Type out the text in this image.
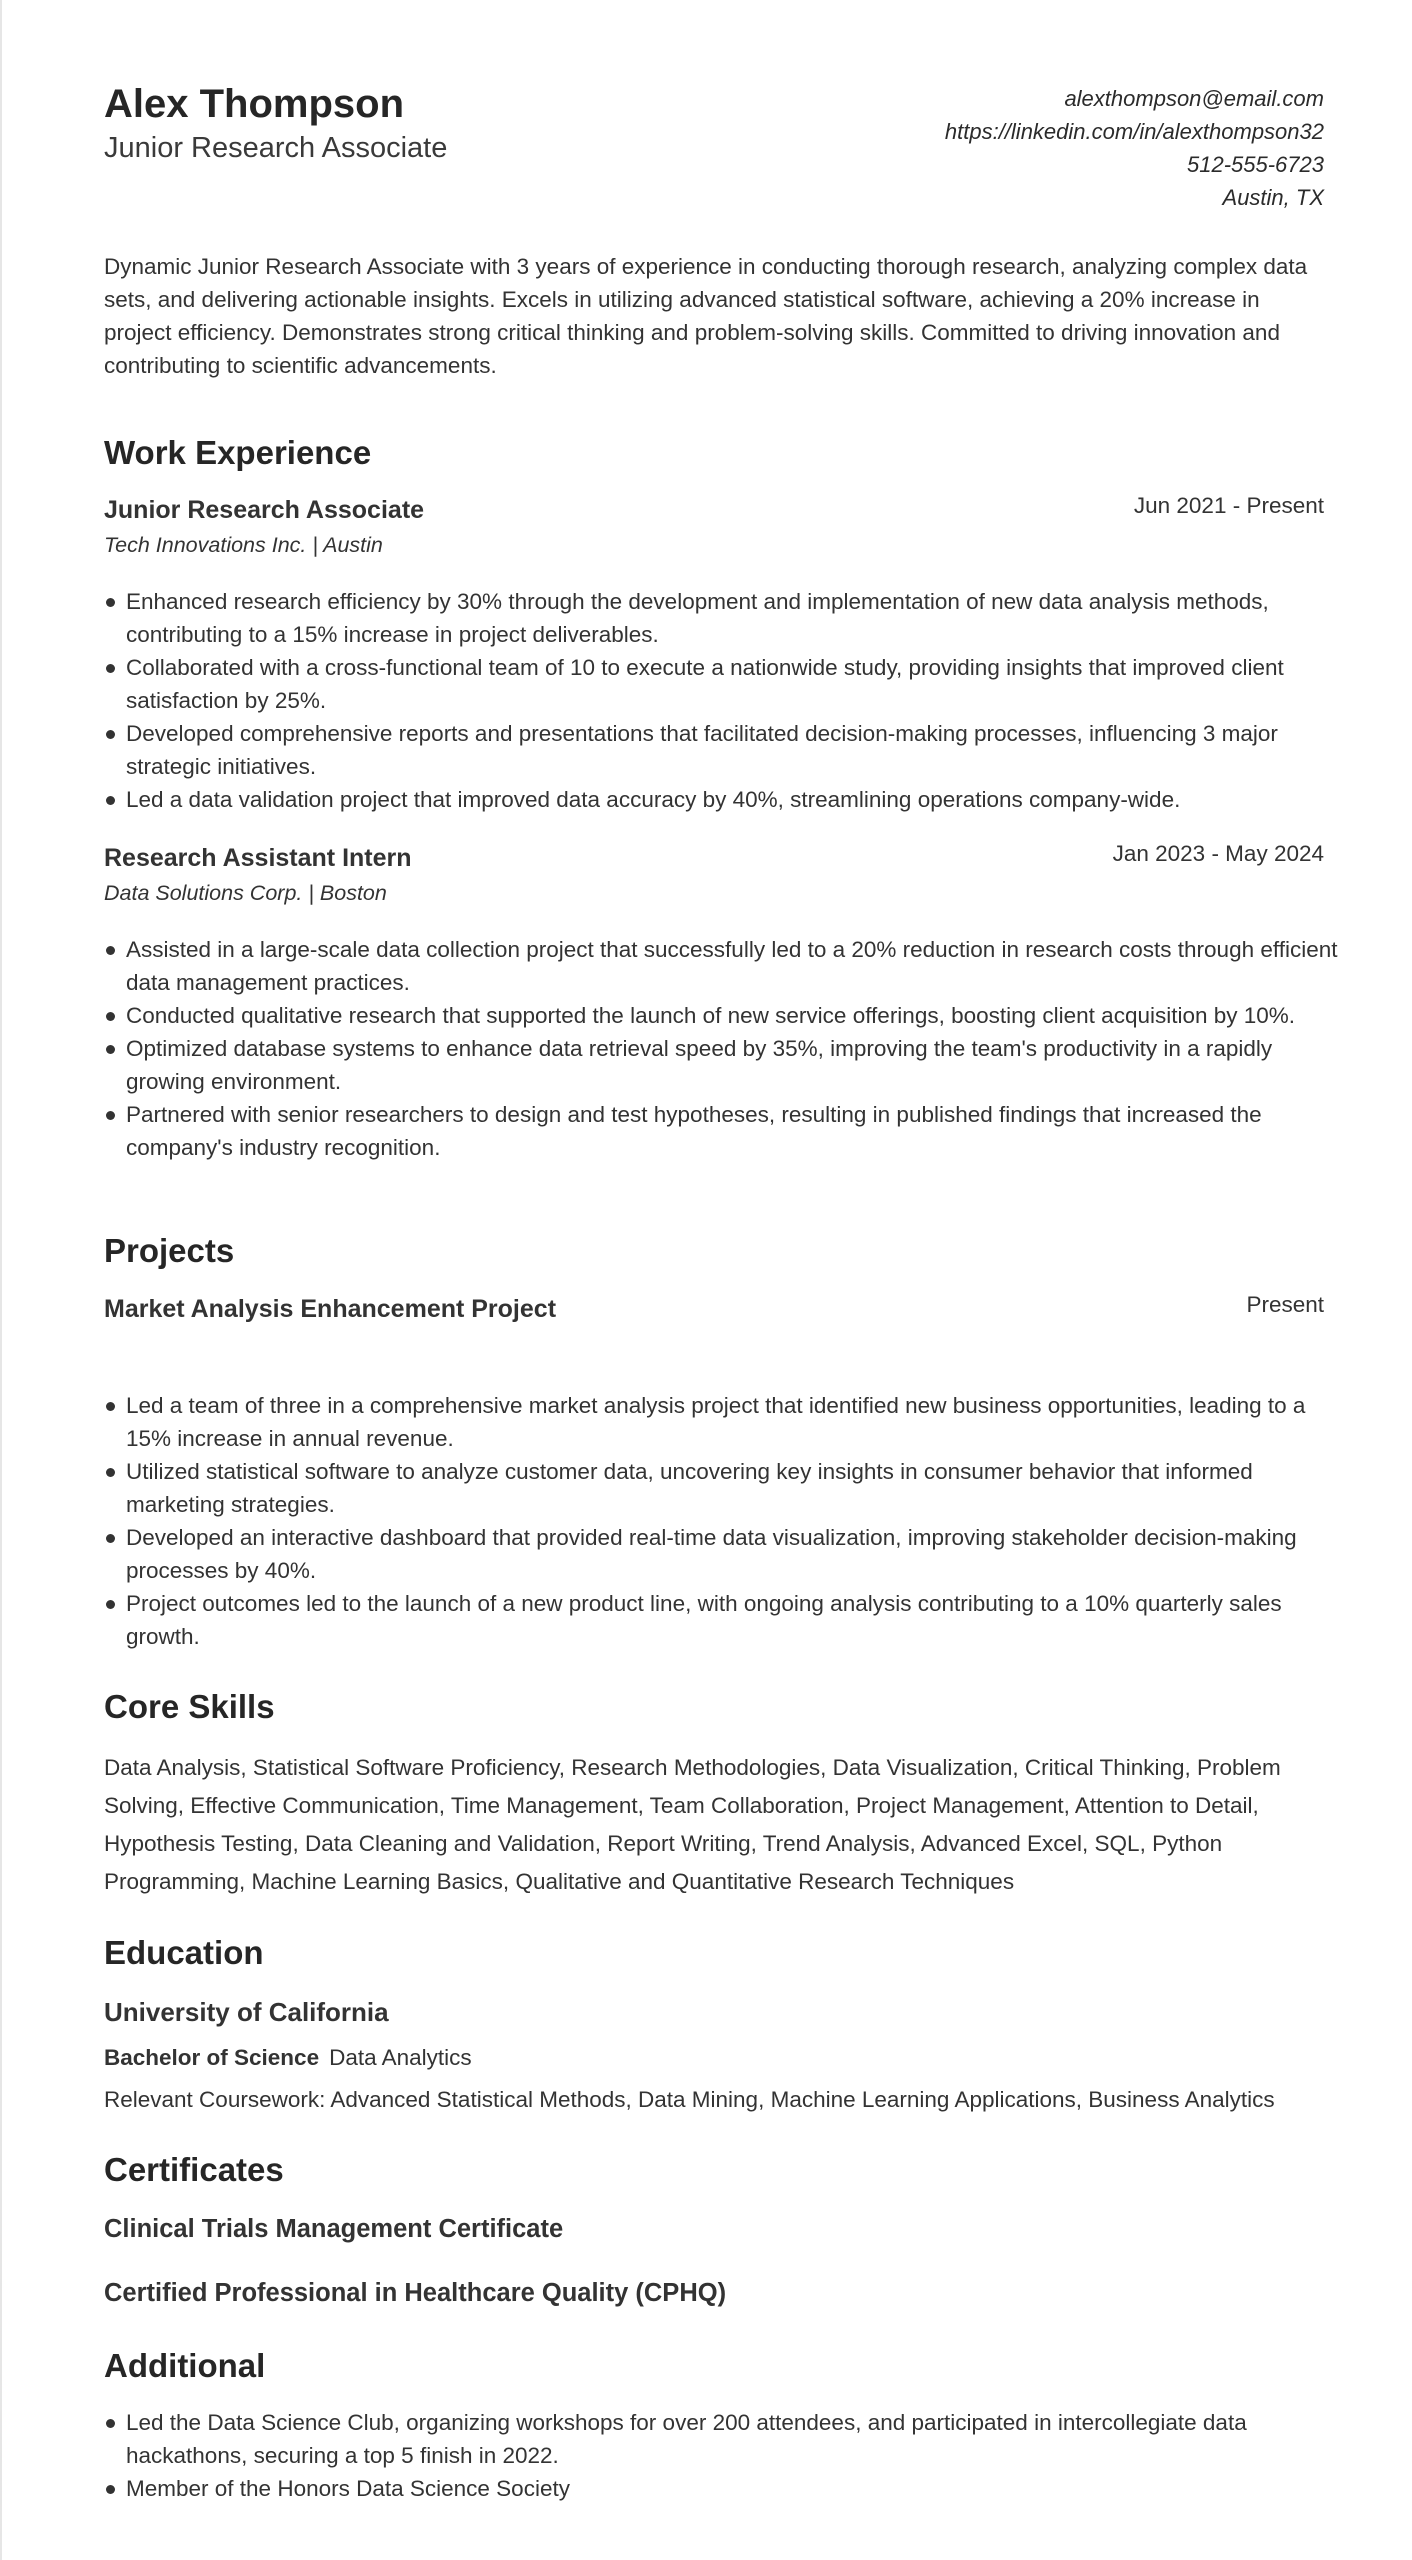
Alex Thompson
Junior Research Associate
alexthompson@email.com
https://linkedin.com/in/alexthompson32
512-555-6723
Austin, TX
Dynamic Junior Research Associate with 3 years of experience in conducting thorough research, analyzing complex data sets, and delivering actionable insights. Excels in utilizing advanced statistical software, achieving a 20% increase in project efficiency. Demonstrates strong critical thinking and problem-solving skills. Committed to driving innovation and contributing to scientific advancements.
Work Experience
Junior Research Associate	Jun 2021 - Present
Tech Innovations Inc. | Austin
Enhanced research efficiency by 30% through the development and implementation of new data analysis methods, contributing to a 15% increase in project deliverables.
Collaborated with a cross-functional team of 10 to execute a nationwide study, providing insights that improved client satisfaction by 25%.
Developed comprehensive reports and presentations that facilitated decision-making processes, influencing 3 major strategic initiatives.
Led a data validation project that improved data accuracy by 40%, streamlining operations company-wide.
Research Assistant Intern	Jan 2023 - May 2024
Data Solutions Corp. | Boston
Assisted in a large-scale data collection project that successfully led to a 20% reduction in research costs through efficient data management practices.
Conducted qualitative research that supported the launch of new service offerings, boosting client acquisition by 10%.
Optimized database systems to enhance data retrieval speed by 35%, improving the team's productivity in a rapidly growing environment.
Partnered with senior researchers to design and test hypotheses, resulting in published findings that increased the company's industry recognition.
Projects
Market Analysis Enhancement Project	Present
Led a team of three in a comprehensive market analysis project that identified new business opportunities, leading to a 15% increase in annual revenue.
Utilized statistical software to analyze customer data, uncovering key insights in consumer behavior that informed marketing strategies.
Developed an interactive dashboard that provided real-time data visualization, improving stakeholder decision-making processes by 40%.
Project outcomes led to the launch of a new product line, with ongoing analysis contributing to a 10% quarterly sales growth.
Core Skills
Data Analysis, Statistical Software Proficiency, Research Methodologies, Data Visualization, Critical Thinking, Problem Solving, Effective Communication, Time Management, Team Collaboration, Project Management, Attention to Detail, Hypothesis Testing, Data Cleaning and Validation, Report Writing, Trend Analysis, Advanced Excel, SQL, Python Programming, Machine Learning Basics, Qualitative and Quantitative Research Techniques
Education
University of California
Bachelor of Science Data Analytics
Relevant Coursework: Advanced Statistical Methods, Data Mining, Machine Learning Applications, Business Analytics
Certificates
Clinical Trials Management Certificate
Certified Professional in Healthcare Quality (CPHQ)
Additional
Led the Data Science Club, organizing workshops for over 200 attendees, and participated in intercollegiate data hackathons, securing a top 5 finish in 2022.
Member of the Honors Data Science Society
